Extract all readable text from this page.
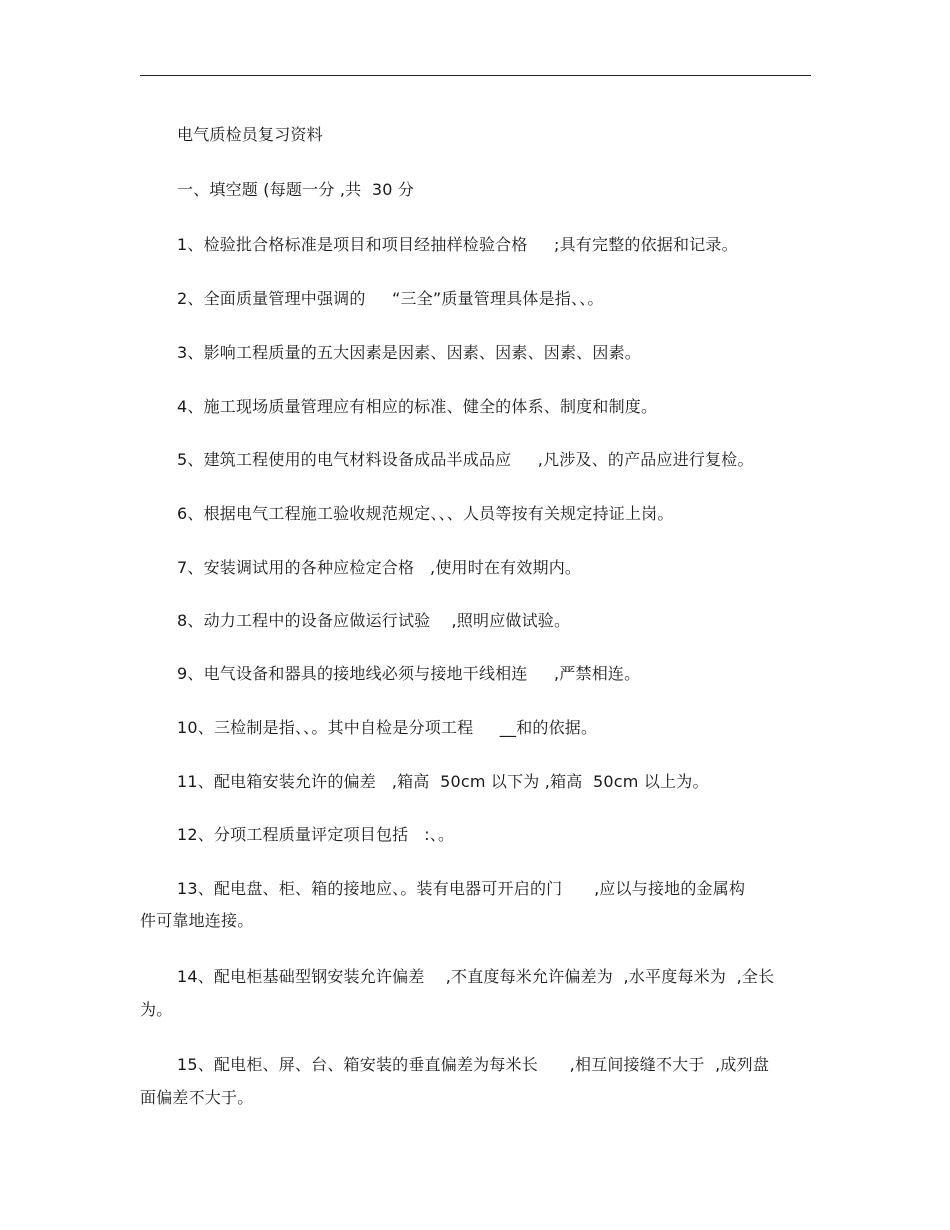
电气质检员复习资料
一、填空题 (每题一分 ,共  30 分
1、检验批合格标准是项目和项目经抽样检验合格     ;具有完整的依据和记录。
2、全面质量管理中强调的     “三全”质量管理具体是指、、。
3、影响工程质量的五大因素是因素、因素、因素、因素、因素。
4、施工现场质量管理应有相应的标准、健全的体系、制度和制度。
5、建筑工程使用的电气材料设备成品半成品应     ,凡涉及、的产品应进行复检。
6、根据电气工程施工验收规范规定、、、人员等按有关规定持证上岗。
7、安装调试用的各种应检定合格   ,使用时在有效期内。
8、动力工程中的设备应做运行试验    ,照明应做试验。
9、电气设备和器具的接地线必须与接地干线相连     ,严禁相连。
10、三检制是指、、。其中自检是分项工程     __和的依据。
11、配电箱安装允许的偏差   ,箱高  50cm 以下为 ,箱高  50cm 以上为。
12、分项工程质量评定项目包括   :、。
13、配电盘、柜、箱的接地应、。装有电器可开启的门      ,应以与接地的金属构
件可靠地连接。
14、配电柜基础型钢安装允许偏差    ,不直度每米允许偏差为  ,水平度每米为  ,全长
为。
15、配电柜、屏、台、箱安装的垂直偏差为每米长      ,相互间接缝不大于  ,成列盘
面偏差不大于。
